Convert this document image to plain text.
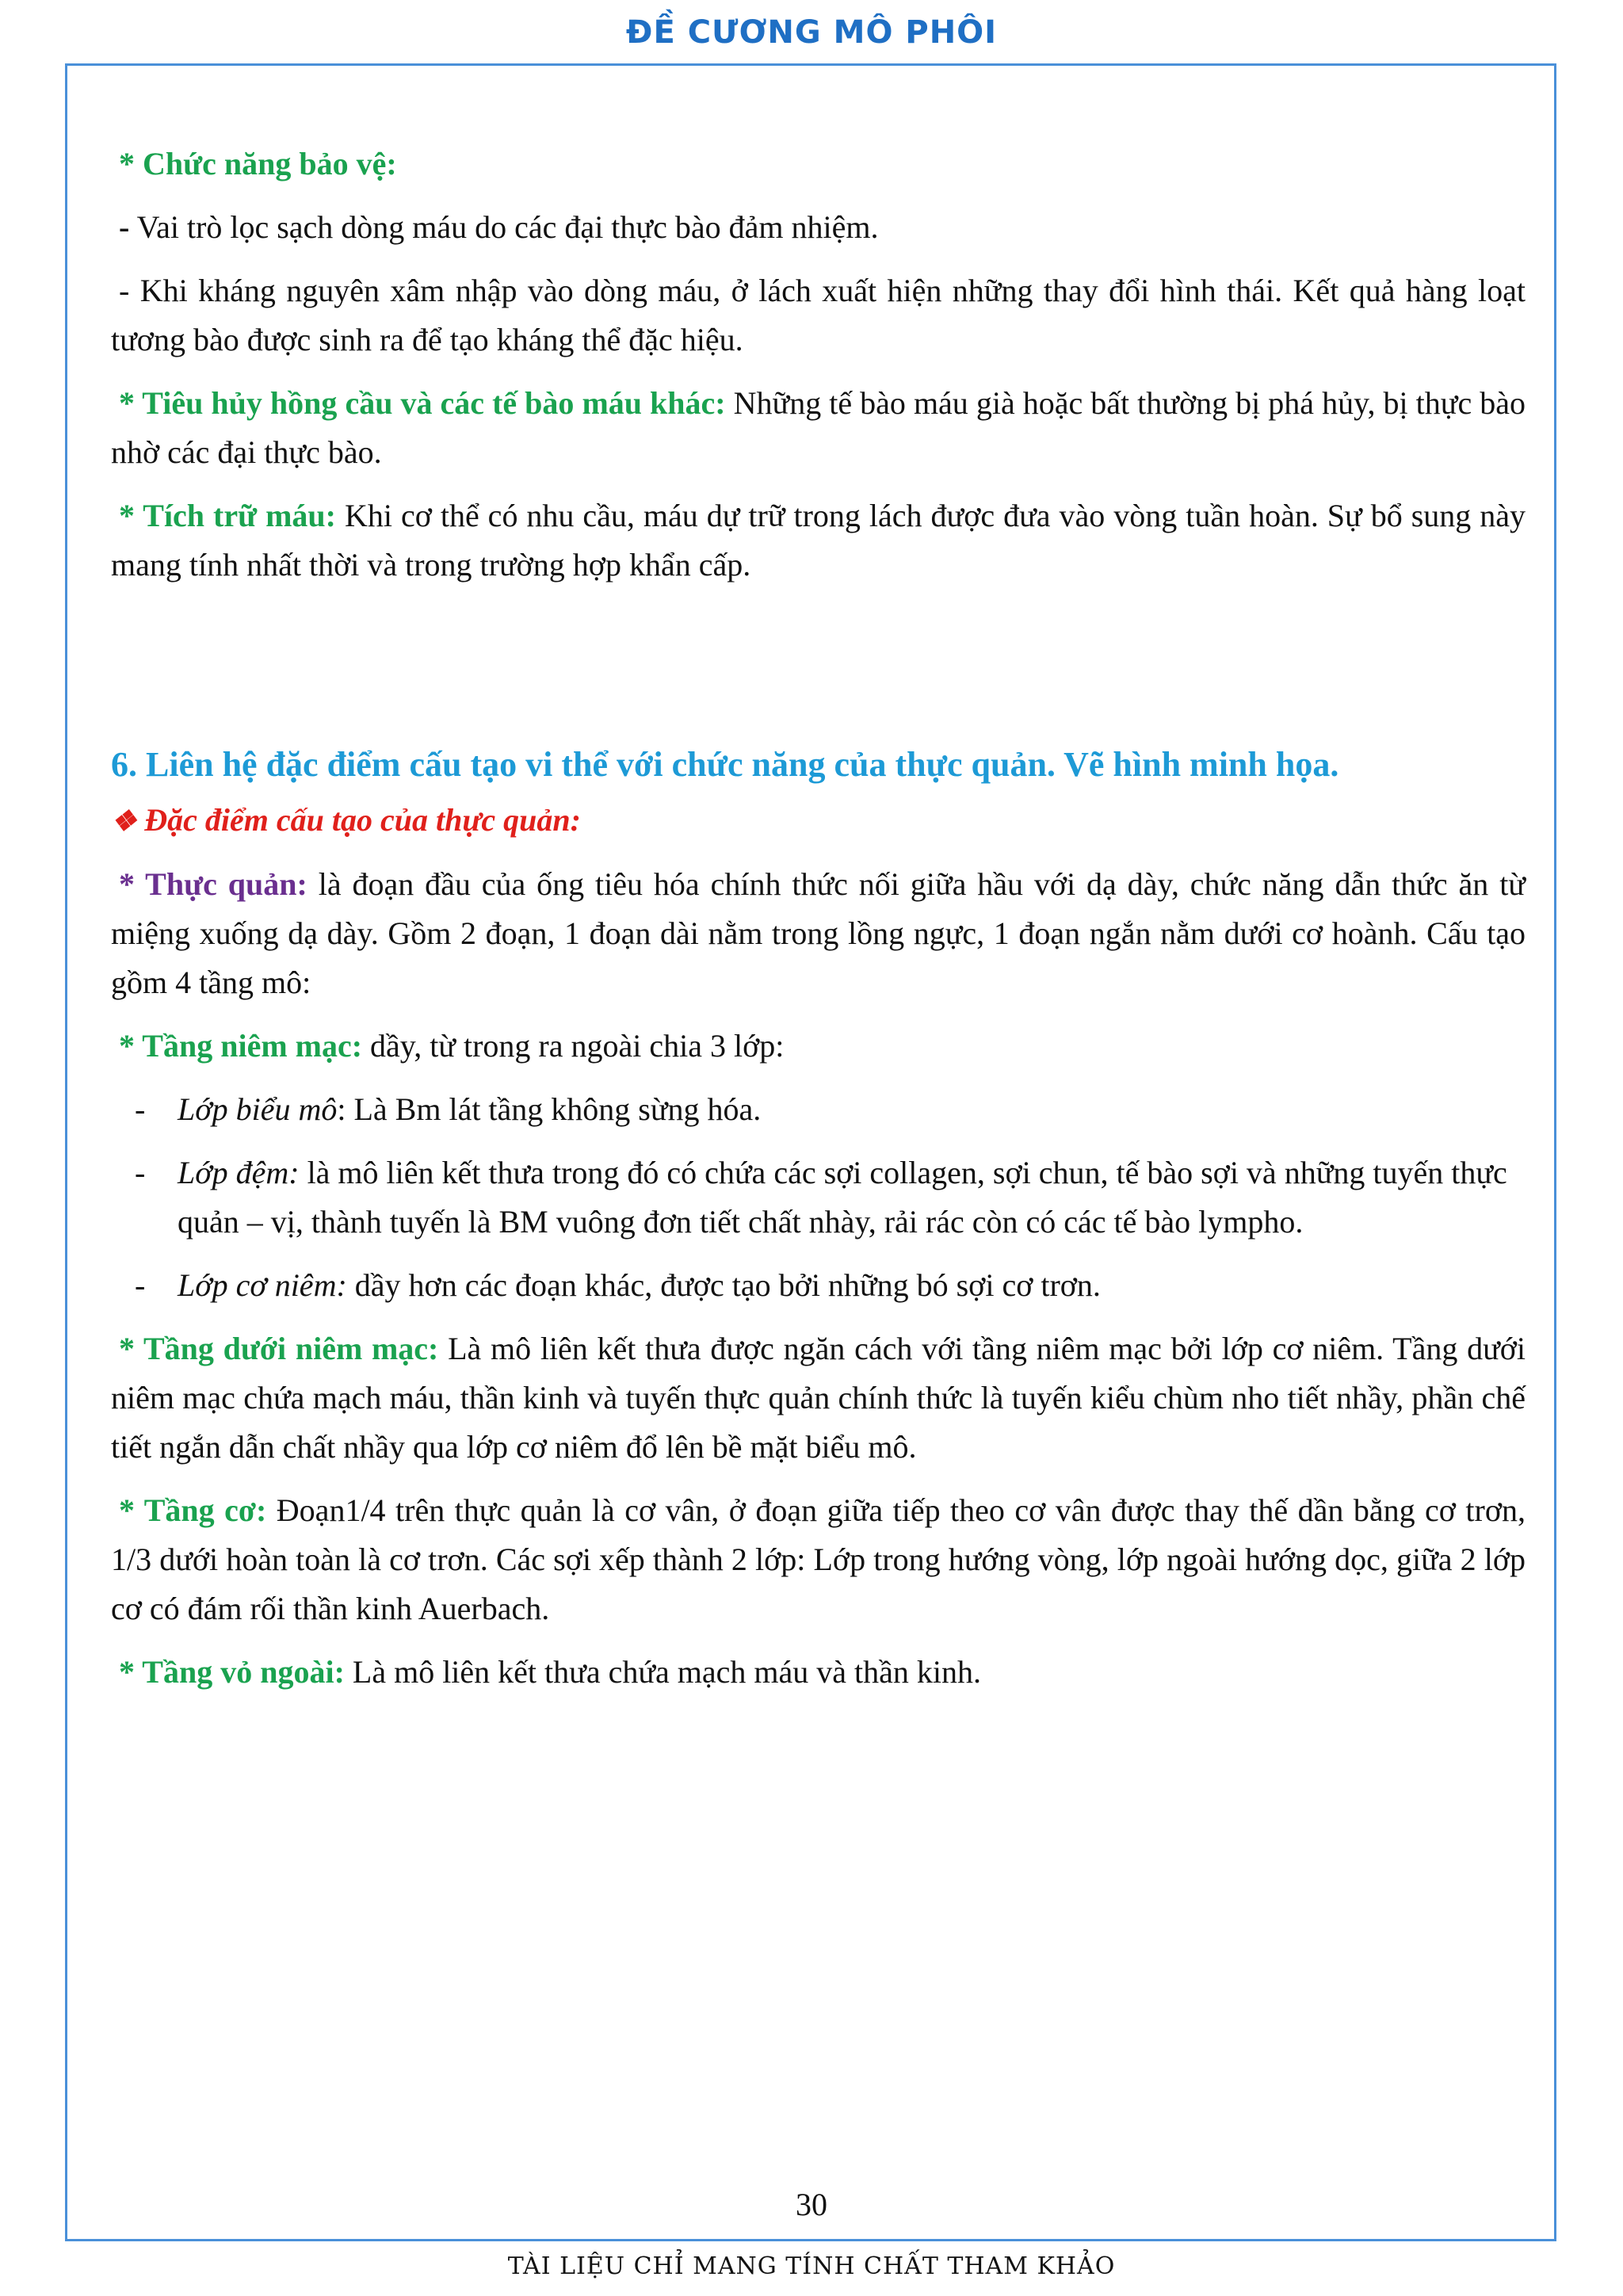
ĐỀ CƯƠNG MÔ PHÔI

* Chức năng bảo vệ:

- Vai trò lọc sạch dòng máu do các đại thực bào đảm nhiệm.

- Khi kháng nguyên xâm nhập vào dòng máu, ở lách xuất hiện những thay đổi hình thái. Kết quả hàng loạt tương bào được sinh ra để tạo kháng thể đặc hiệu.

* Tiêu hủy hồng cầu và các tế bào máu khác: Những tế bào máu già hoặc bất thường bị phá hủy, bị thực bào nhờ các đại thực bào.

* Tích trữ máu: Khi cơ thể có nhu cầu, máu dự trữ trong lách được đưa vào vòng tuần hoàn. Sự bổ sung này mang tính nhất thời và trong trường hợp khẩn cấp.

6. Liên hệ đặc điểm cấu tạo vi thể với chức năng của thực quản. Vẽ hình minh họa.

❖ Đặc điểm cấu tạo của thực quản:

* Thực quản: là đoạn đầu của ống tiêu hóa chính thức nối giữa hầu với dạ dày, chức năng dẫn thức ăn từ miệng xuống dạ dày. Gồm 2 đoạn, 1 đoạn dài nằm trong lồng ngực, 1 đoạn ngắn nằm dưới cơ hoành. Cấu tạo gồm 4 tầng mô:

* Tầng niêm mạc: dầy, từ trong ra ngoài chia 3 lớp:

-	Lớp biểu mô: Là Bm lát tầng không sừng hóa.
-	Lớp đệm: là mô liên kết thưa trong đó có chứa các sợi collagen, sợi chun, tế bào sợi và những tuyến thực quản – vị, thành tuyến là BM vuông đơn tiết chất nhày, rải rác còn có các tế bào lympho.
-	Lớp cơ niêm: dầy hơn các đoạn khác, được tạo bởi những bó sợi cơ trơn.

* Tầng dưới niêm mạc: Là mô liên kết thưa được ngăn cách với tầng niêm mạc bởi lớp cơ niêm. Tầng dưới niêm mạc chứa mạch máu, thần kinh và tuyến thực quản chính thức là tuyến kiểu chùm nho tiết nhầy, phần chế tiết ngắn dẫn chất nhầy qua lớp cơ niêm đổ lên bề mặt biểu mô.

* Tầng cơ: Đoạn1/4 trên thực quản là cơ vân, ở đoạn giữa tiếp theo cơ vân được thay thế dần bằng cơ trơn, 1/3 dưới hoàn toàn là cơ trơn. Các sợi xếp thành 2 lớp: Lớp trong hướng vòng, lớp ngoài hướng dọc, giữa 2 lớp cơ có đám rối thần kinh Auerbach.

* Tầng vỏ ngoài: Là mô liên kết thưa chứa mạch máu và thần kinh.

30
TÀI LIỆU CHỈ MANG TÍNH CHẤT THAM KHẢO
